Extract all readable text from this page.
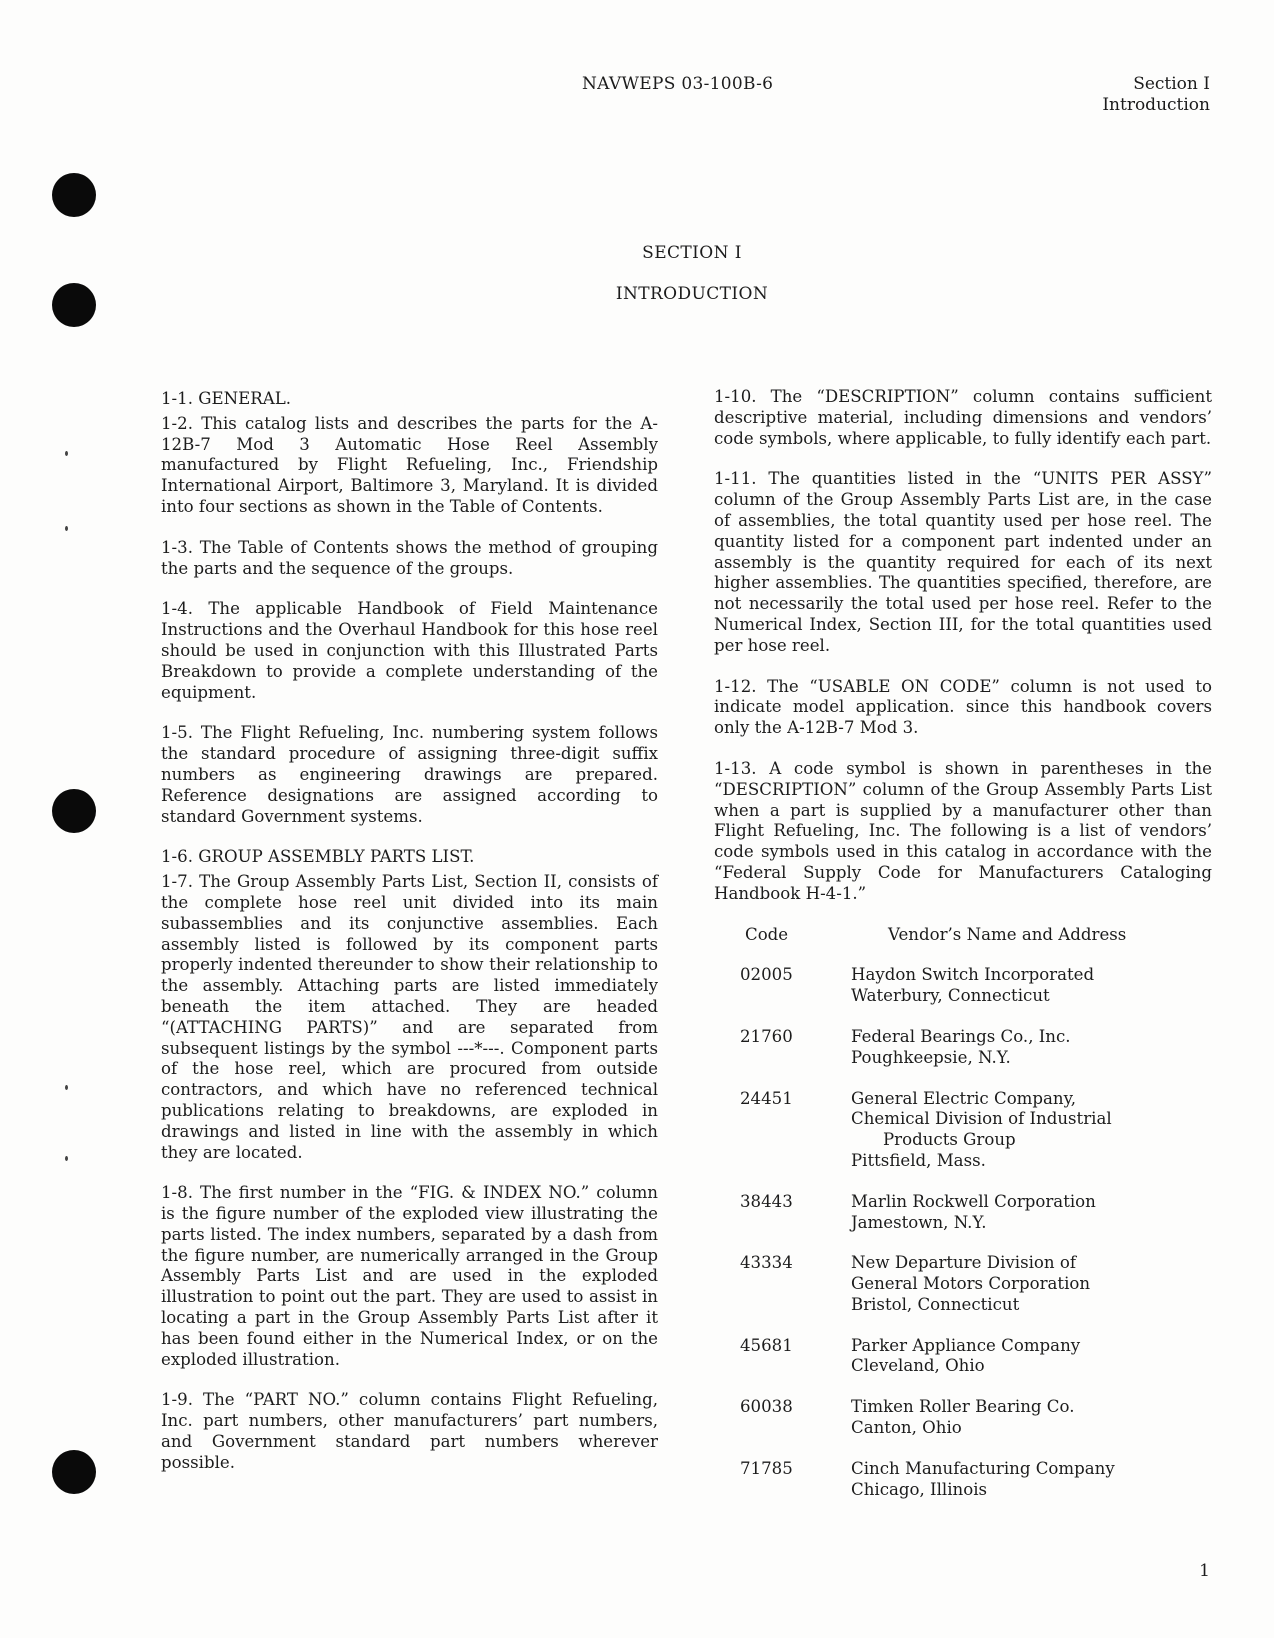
NAVWEPS 03-100B-6	Section I
Introduction
SECTION I
INTRODUCTION

1-1. GENERAL.

1-2. This catalog lists and describes the parts for the A-12B-7 Mod 3 Automatic Hose Reel Assembly manufactured by Flight Refueling, Inc., Friendship International Airport, Baltimore 3, Maryland. It is divided into four sections as shown in the Table of Contents.

1-3. The Table of Contents shows the method of grouping the parts and the sequence of the groups.

1-4. The applicable Handbook of Field Maintenance Instructions and the Overhaul Handbook for this hose reel should be used in conjunction with this Illustrated Parts Breakdown to provide a complete understanding of the equipment.

1-5. The Flight Refueling, Inc. numbering system follows the standard procedure of assigning three-digit suffix numbers as engineering drawings are prepared. Reference designations are assigned according to standard Government systems.

1-6. GROUP ASSEMBLY PARTS LIST.

1-7. The Group Assembly Parts List, Section II, consists of the complete hose reel unit divided into its main subassemblies and its conjunctive assemblies. Each assembly listed is followed by its component parts properly indented thereunder to show their relationship to the assembly. Attaching parts are listed immediately beneath the item attached. They are headed “(ATTACHING PARTS)” and are separated from subsequent listings by the symbol ---*---. Component parts of the hose reel, which are procured from outside contractors, and which have no referenced technical publications relating to breakdowns, are exploded in drawings and listed in line with the assembly in which they are located.

1-8. The first number in the “FIG. & INDEX NO.” column is the figure number of the exploded view illustrating the parts listed. The index numbers, separated by a dash from the figure number, are numerically arranged in the Group Assembly Parts List and are used in the exploded illustration to point out the part. They are used to assist in locating a part in the Group Assembly Parts List after it has been found either in the Numerical Index, or on the exploded illustration.

1-9. The “PART NO.” column contains Flight Refueling, Inc. part numbers, other manufacturers’ part numbers, and Government standard part numbers wherever possible.

1-10. The “DESCRIPTION” column contains sufficient descriptive material, including dimensions and vendors’ code symbols, where applicable, to fully identify each part.

1-11. The quantities listed in the “UNITS PER ASSY” column of the Group Assembly Parts List are, in the case of assemblies, the total quantity used per hose reel. The quantity listed for a component part indented under an assembly is the quantity required for each of its next higher assemblies. The quantities specified, therefore, are not necessarily the total used per hose reel. Refer to the Numerical Index, Section III, for the total quantities used per hose reel.

1-12. The “USABLE ON CODE” column is not used to indicate model application. since this handbook covers only the A-12B-7 Mod 3.

1-13. A code symbol is shown in parentheses in the “DESCRIPTION” column of the Group Assembly Parts List when a part is supplied by a manufacturer other than Flight Refueling, Inc. The following is a list of vendors’ code symbols used in this catalog in accordance with the “Federal Supply Code for Manufacturers Cataloging Handbook H-4-1.”

Code	Vendor’s Name and Address
02005	Haydon Switch Incorporated
Waterbury, Connecticut
21760	Federal Bearings Co., Inc.
Poughkeepsie, N.Y.
24451	General Electric Company,
Chemical Division of Industrial
Products Group
Pittsfield, Mass.
38443	Marlin Rockwell Corporation
Jamestown, N.Y.
43334	New Departure Division of
General Motors Corporation
Bristol, Connecticut
45681	Parker Appliance Company
Cleveland, Ohio
60038	Timken Roller Bearing Co.
Canton, Ohio
71785	Cinch Manufacturing Company
Chicago, Illinois
1
